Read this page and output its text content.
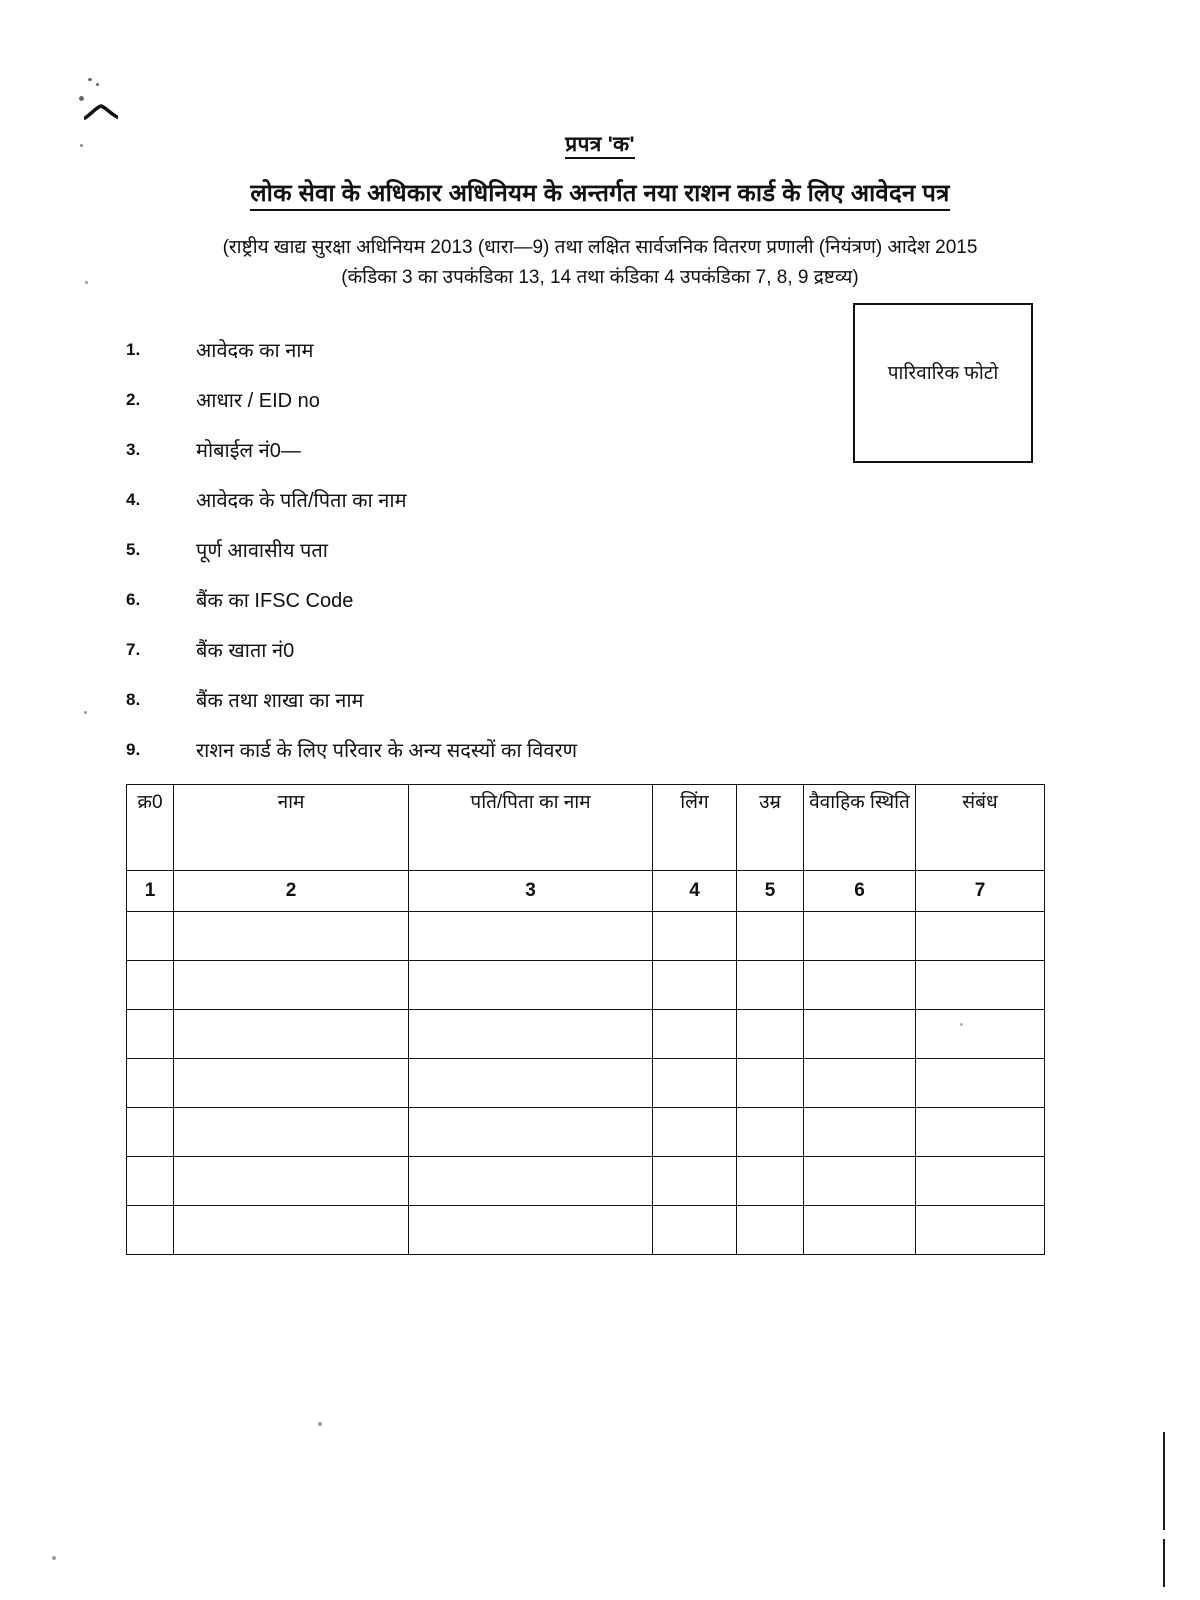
प्रपत्र 'क'
लोक सेवा के अधिकार अधिनियम के अन्तर्गत नया राशन कार्ड के लिए आवेदन पत्र
(राष्ट्रीय खाद्य सुरक्षा अधिनियम 2013 (धारा—9) तथा लक्षित सार्वजनिक वितरण प्रणाली (नियंत्रण) आदेश 2015
(कंडिका 3 का उपकंडिका 13, 14 तथा कंडिका 4 उपकंडिका 7, 8, 9 द्रष्टव्य)
पारिवारिक फोटो
1.	आवेदक का नाम
2.	आधार / EID no
3.	मोबाईल नं0—
4.	आवेदक के पति/पिता का नाम
5.	पूर्ण आवासीय पता
6.	बैंक का IFSC Code
7.	बैंक खाता नं0
8.	बैंक तथा शाखा का नाम
9.	राशन कार्ड के लिए परिवार के अन्य सदस्यों का विवरण
क्र0	नाम	पति/पिता का नाम	लिंग	उम्र	वैवाहिक स्थिति	संबंध
1	2	3	4	5	6	7
